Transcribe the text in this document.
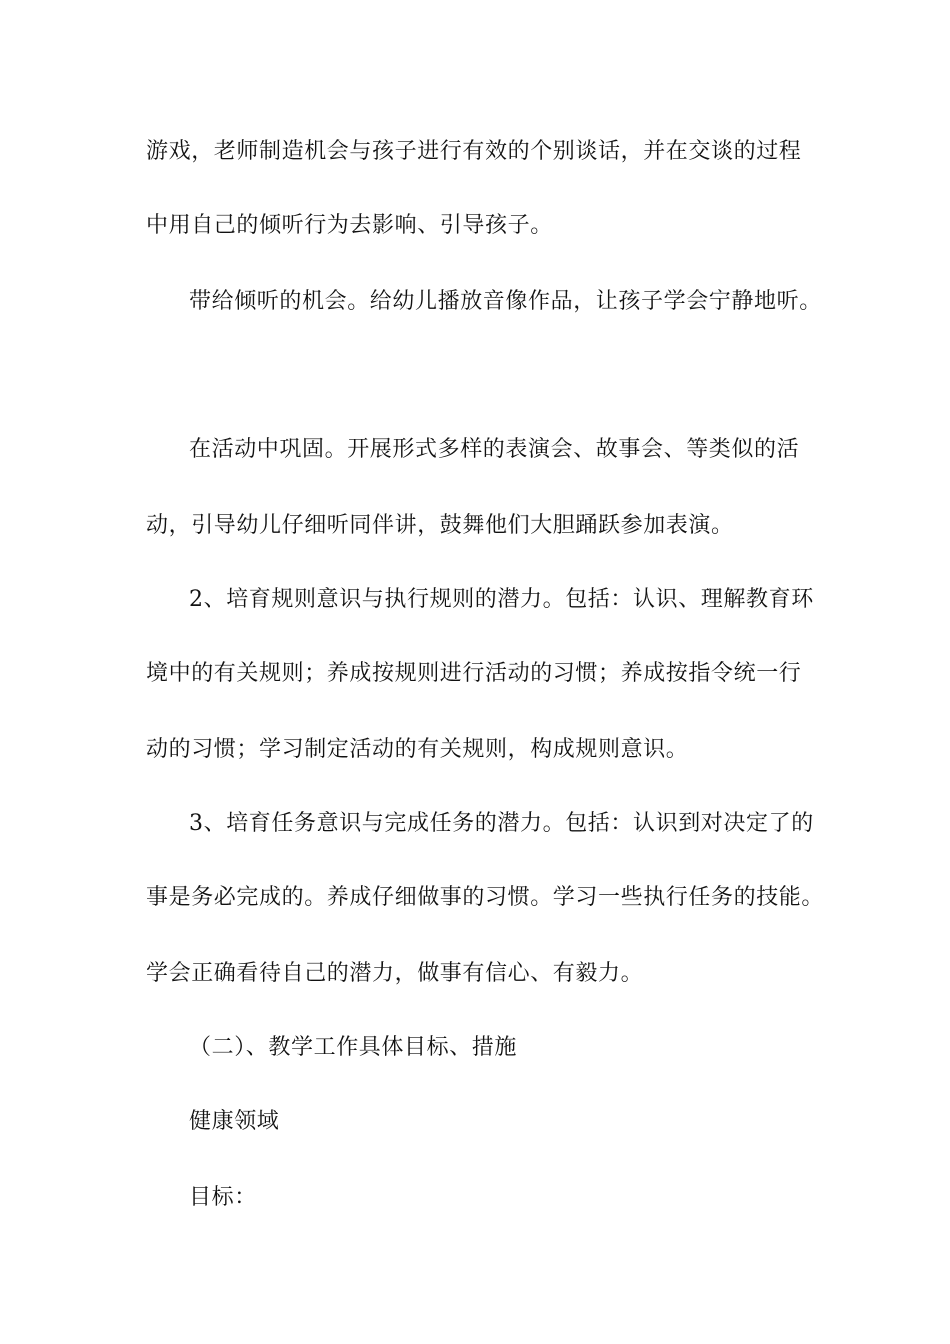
游戏，老师制造机会与孩子进行有效的个别谈话，并在交谈的过程
中用自己的倾听行为去影响、引导孩子。
带给倾听的机会。给幼儿播放音像作品，让孩子学会宁静地听。
在活动中巩固。开展形式多样的表演会、故事会、等类似的活
动，引导幼儿仔细听同伴讲，鼓舞他们大胆踊跃参加表演。
2、培育规则意识与执行规则的潜力。包括：认识、理解教育环
境中的有关规则；养成按规则进行活动的习惯；养成按指令统一行
动的习惯；学习制定活动的有关规则，构成规则意识。
3、培育任务意识与完成任务的潜力。包括：认识到对决定了的
事是务必完成的。养成仔细做事的习惯。学习一些执行任务的技能。
学会正确看待自己的潜力，做事有信心、有毅力。
（二）、教学工作具体目标、措施
健康领域
目标：
